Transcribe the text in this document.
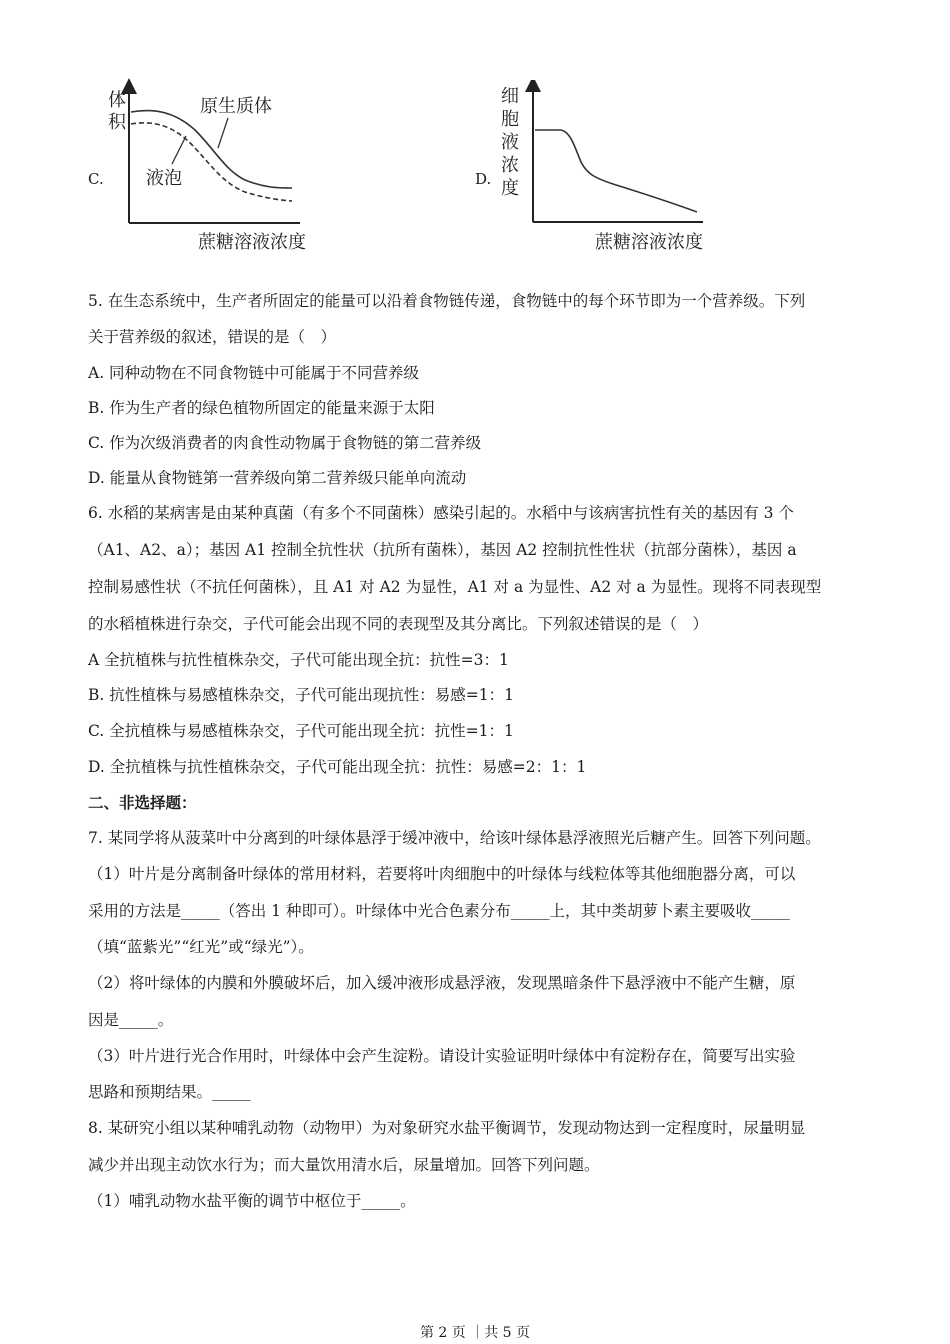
C.
体
积
原生质体
液泡
蔗糖溶液浓度
D.
细
胞
液
浓
度
蔗糖溶液浓度
5. 在生态系统中，生产者所固定的能量可以沿着食物链传递，食物链中的每个环节即为一个营养级。下列
关于营养级的叙述，错误的是（　）
A. 同种动物在不同食物链中可能属于不同营养级
B. 作为生产者的绿色植物所固定的能量来源于太阳
C. 作为次级消费者的肉食性动物属于食物链的第二营养级
D. 能量从食物链第一营养级向第二营养级只能单向流动
6. 水稻的某病害是由某种真菌（有多个不同菌株）感染引起的。水稻中与该病害抗性有关的基因有 3 个
（A1、A2、a）；基因 A1 控制全抗性状（抗所有菌株），基因 A2 控制抗性性状（抗部分菌株），基因 a
控制易感性状（不抗任何菌株），且 A1 对 A2 为显性，A1 对 a 为显性、A2 对 a 为显性。现将不同表现型
的水稻植株进行杂交，子代可能会出现不同的表现型及其分离比。下列叙述错误的是（　）
A 全抗植株与抗性植株杂交，子代可能出现全抗：抗性=3：1
B. 抗性植株与易感植株杂交，子代可能出现抗性：易感=1：1
C. 全抗植株与易感植株杂交，子代可能出现全抗：抗性=1：1
D. 全抗植株与抗性植株杂交，子代可能出现全抗：抗性：易感=2：1：1
二、非选择题：
7. 某同学将从菠菜叶中分离到的叶绿体悬浮于缓冲液中，给该叶绿体悬浮液照光后糖产生。回答下列问题。
（1）叶片是分离制备叶绿体的常用材料，若要将叶肉细胞中的叶绿体与线粒体等其他细胞器分离，可以
采用的方法是_____（答出 1 种即可）。叶绿体中光合色素分布_____上，其中类胡萝卜素主要吸收_____
（填“蓝紫光”“红光”或“绿光”）。
（2）将叶绿体的内膜和外膜破坏后，加入缓冲液形成悬浮液，发现黑暗条件下悬浮液中不能产生糖，原
因是_____。
（3）叶片进行光合作用时，叶绿体中会产生淀粉。请设计实验证明叶绿体中有淀粉存在，简要写出实验
思路和预期结果。_____
8. 某研究小组以某种哺乳动物（动物甲）为对象研究水盐平衡调节，发现动物达到一定程度时，尿量明显
减少并出现主动饮水行为；而大量饮用清水后，尿量增加。回答下列问题。
（1）哺乳动物水盐平衡的调节中枢位于_____。
第 2 页 ｜共 5 页
